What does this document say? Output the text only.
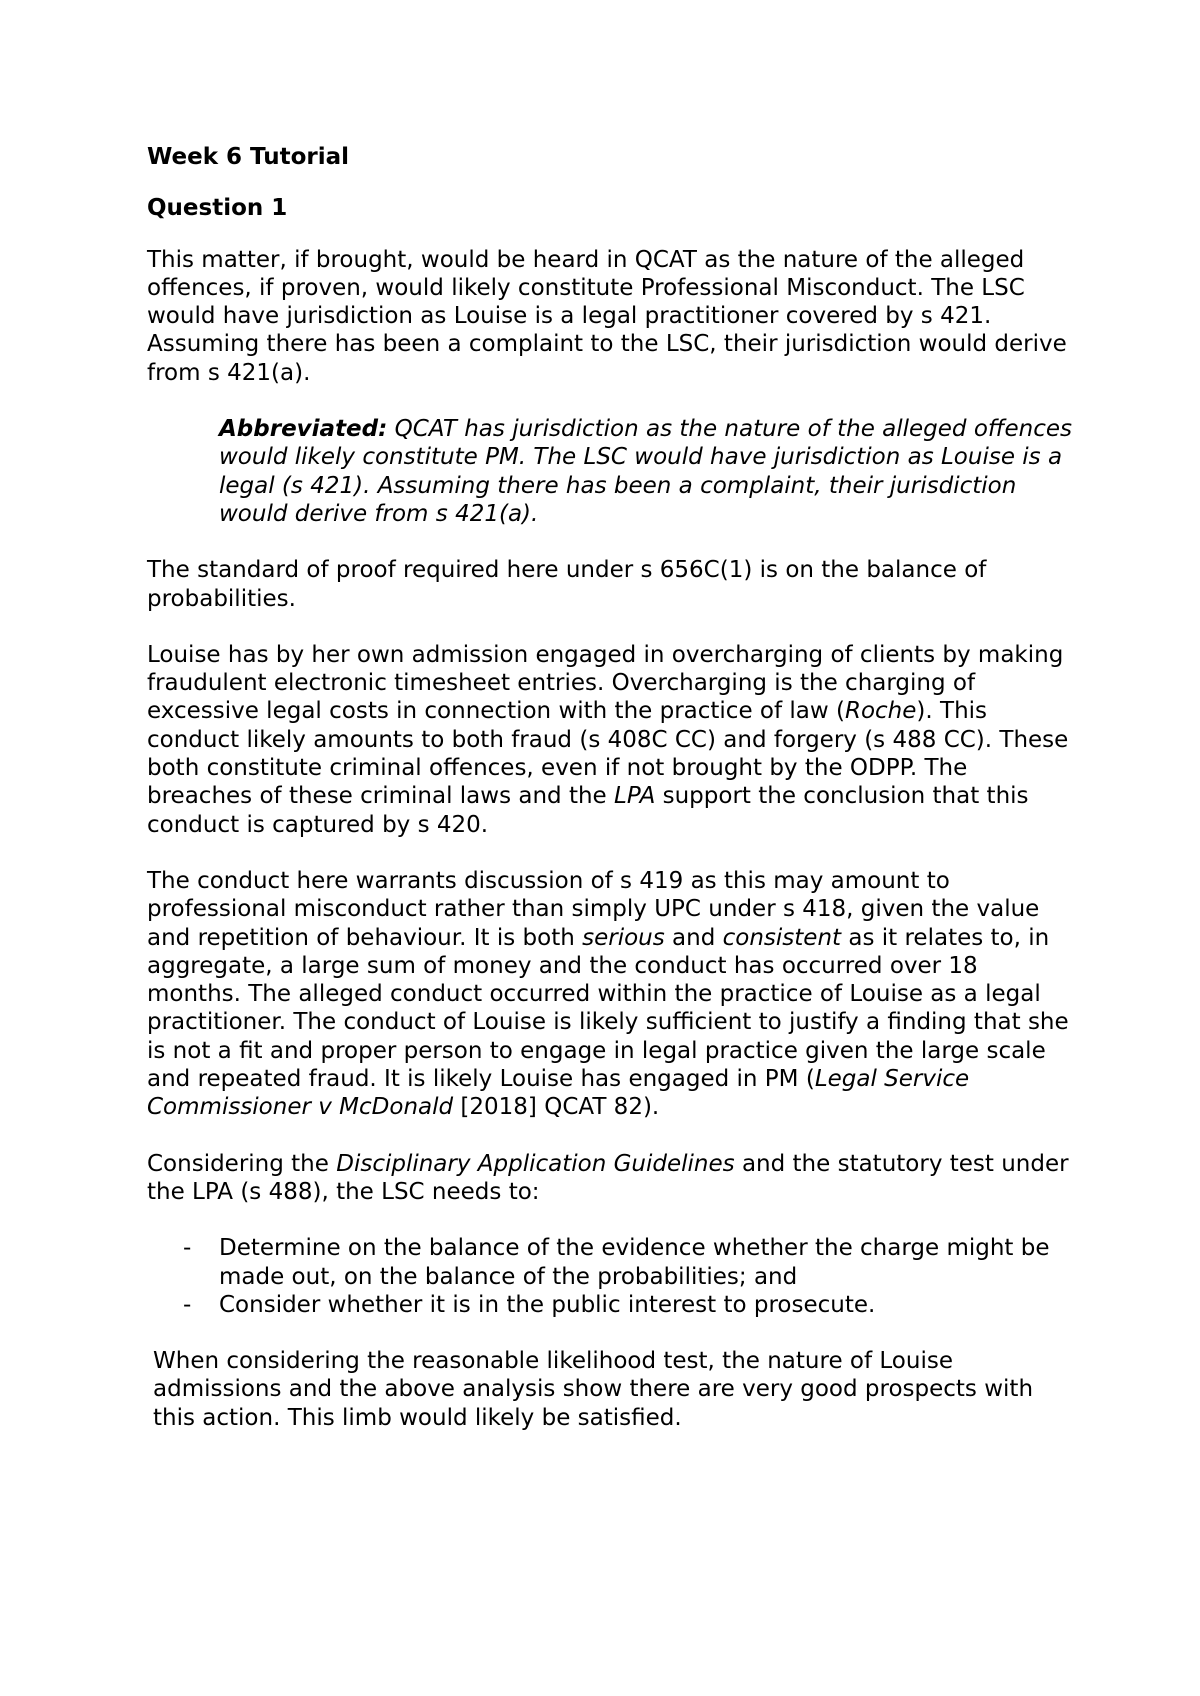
Week 6 Tutorial

Question 1

This matter, if brought, would be heard in QCAT as the nature of the alleged offences, if proven, would likely constitute Professional Misconduct. The LSC would have jurisdiction as Louise is a legal practitioner covered by s 421. Assuming there has been a complaint to the LSC, their jurisdiction would derive from s 421(a).

Abbreviated: QCAT has jurisdiction as the nature of the alleged offences would likely constitute PM. The LSC would have jurisdiction as Louise is a legal (s 421). Assuming there has been a complaint, their jurisdiction would derive from s 421(a).

The standard of proof required here under s 656C(1) is on the balance of probabilities.

Louise has by her own admission engaged in overcharging of clients by making fraudulent electronic timesheet entries. Overcharging is the charging of excessive legal costs in connection with the practice of law (Roche). This conduct likely amounts to both fraud (s 408C CC) and forgery (s 488 CC). These both constitute criminal offences, even if not brought by the ODPP. The breaches of these criminal laws and the LPA support the conclusion that this conduct is captured by s 420.

The conduct here warrants discussion of s 419 as this may amount to professional misconduct rather than simply UPC under s 418, given the value and repetition of behaviour. It is both serious and consistent as it relates to, in aggregate, a large sum of money and the conduct has occurred over 18 months. The alleged conduct occurred within the practice of Louise as a legal practitioner. The conduct of Louise is likely sufficient to justify a finding that she is not a fit and proper person to engage in legal practice given the large scale and repeated fraud. It is likely Louise has engaged in PM (Legal Service Commissioner v McDonald [2018] QCAT 82).

Considering the Disciplinary Application Guidelines and the statutory test under the LPA (s 488), the LSC needs to:

- Determine on the balance of the evidence whether the charge might be made out, on the balance of the probabilities; and
- Consider whether it is in the public interest to prosecute.

When considering the reasonable likelihood test, the nature of Louise admissions and the above analysis show there are very good prospects with this action. This limb would likely be satisfied.
